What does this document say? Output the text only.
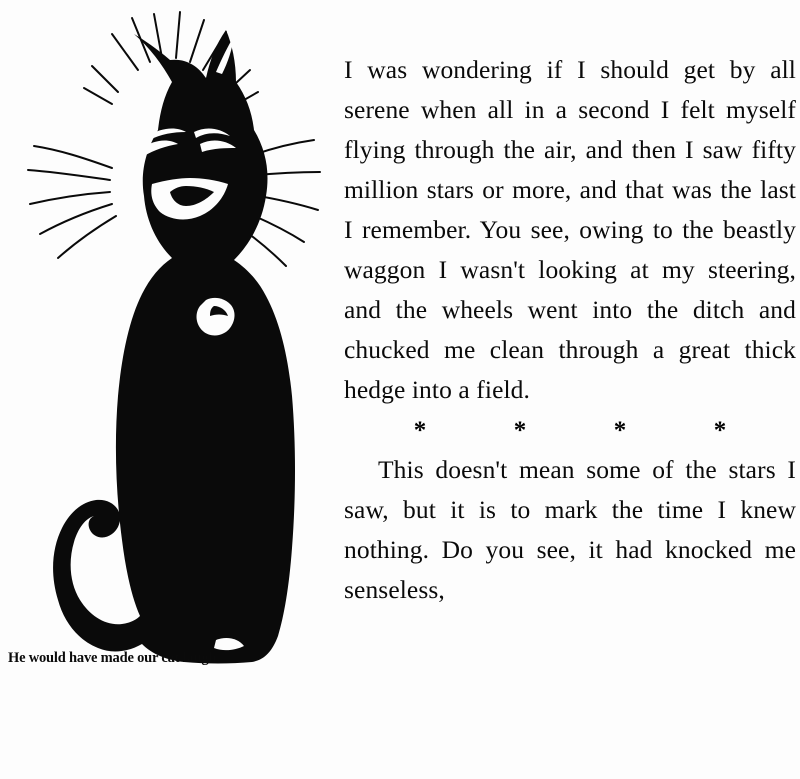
He would have made our cat laugh.

I was wondering if I should get by all serene when all in a second I felt myself flying through the air, and then I saw fifty million stars or more, and that was the last I remember. You see, owing to the beastly waggon I wasn't looking at my steering, and the wheels went into the ditch and chucked me clean through a great thick hedge into a field.

*	*	*	*

This doesn't mean some of the stars I saw, but it is to mark the time I knew nothing. Do you see, it had knocked me senseless,
